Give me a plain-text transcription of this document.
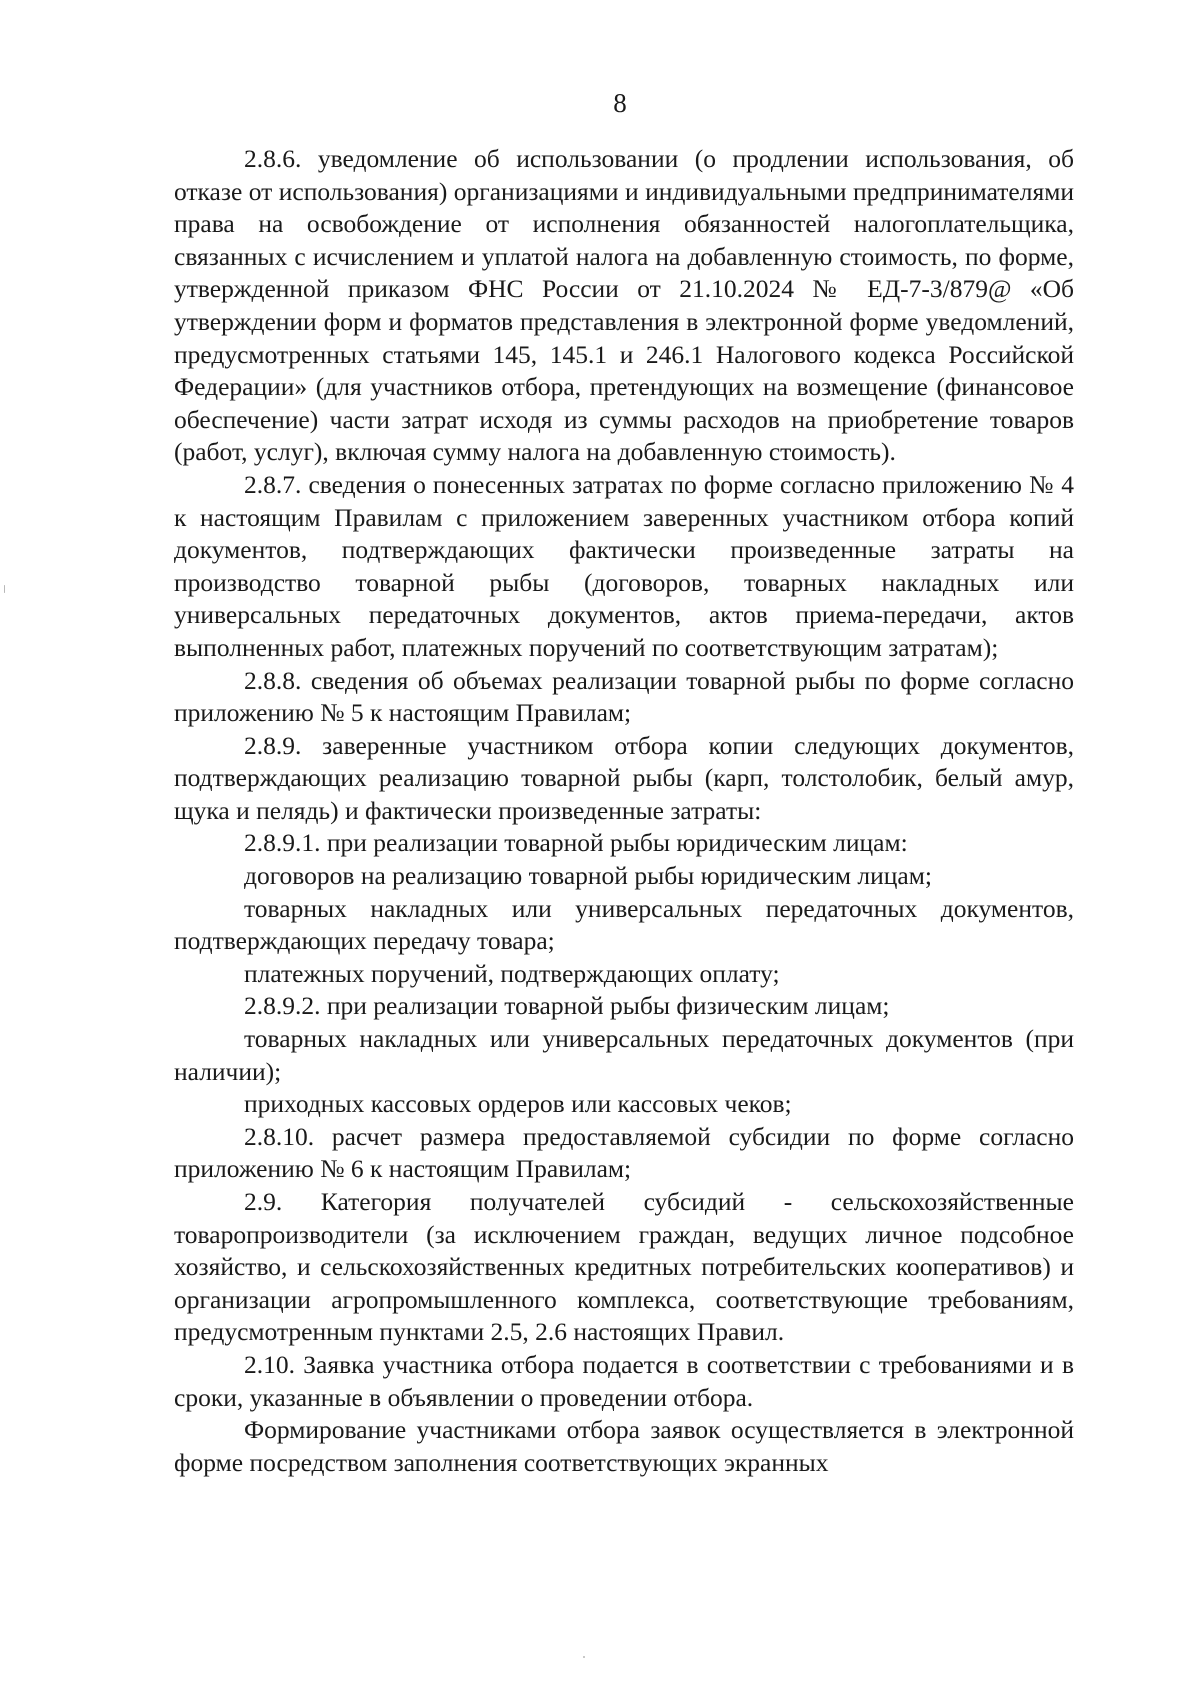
8

2.8.6. уведомление об использовании (о продлении использования, об отказе от использования) организациями и индивидуальными предпринимателями права на освобождение от исполнения обязанностей налогоплательщика, связанных с исчислением и уплатой налога на добавленную стоимость, по форме, утвержденной приказом ФНС России от 21.10.2024 № ЕД-7-3/879@ «Об утверждении форм и форматов представления в электронной форме уведомлений, предусмотренных статьями 145, 145.1 и 246.1 Налогового кодекса Российской Федерации» (для участников отбора, претендующих на возмещение (финансовое обеспечение) части затрат исходя из суммы расходов на приобретение товаров (работ, услуг), включая сумму налога на добавленную стоимость).

2.8.7. сведения о понесенных затратах по форме согласно приложению № 4 к настоящим Правилам с приложением заверенных участником отбора копий документов, подтверждающих фактически произведенные затраты на производство товарной рыбы (договоров, товарных накладных или универсальных передаточных документов, актов приема-передачи, актов выполненных работ, платежных поручений по соответствующим затратам);

2.8.8. сведения об объемах реализации товарной рыбы по форме согласно приложению № 5 к настоящим Правилам;

2.8.9. заверенные участником отбора копии следующих документов, подтверждающих реализацию товарной рыбы (карп, толстолобик, белый амур, щука и пелядь) и фактически произведенные затраты:

2.8.9.1. при реализации товарной рыбы юридическим лицам:

договоров на реализацию товарной рыбы юридическим лицам;

товарных накладных или универсальных передаточных документов, подтверждающих передачу товара;

платежных поручений, подтверждающих оплату;

2.8.9.2. при реализации товарной рыбы физическим лицам;

товарных накладных или универсальных передаточных документов (при наличии);

приходных кассовых ордеров или кассовых чеков;

2.8.10. расчет размера предоставляемой субсидии по форме согласно приложению № 6 к настоящим Правилам;

2.9. Категория получателей субсидий - сельскохозяйственные товаропроизводители (за исключением граждан, ведущих личное подсобное хозяйство, и сельскохозяйственных кредитных потребительских кооперативов) и организации агропромышленного комплекса, соответствующие требованиям, предусмотренным пунктами 2.5, 2.6 настоящих Правил.

2.10. Заявка участника отбора подается в соответствии с требованиями и в сроки, указанные в объявлении о проведении отбора.

Формирование участниками отбора заявок осуществляется в электронной форме посредством заполнения соответствующих экранных
